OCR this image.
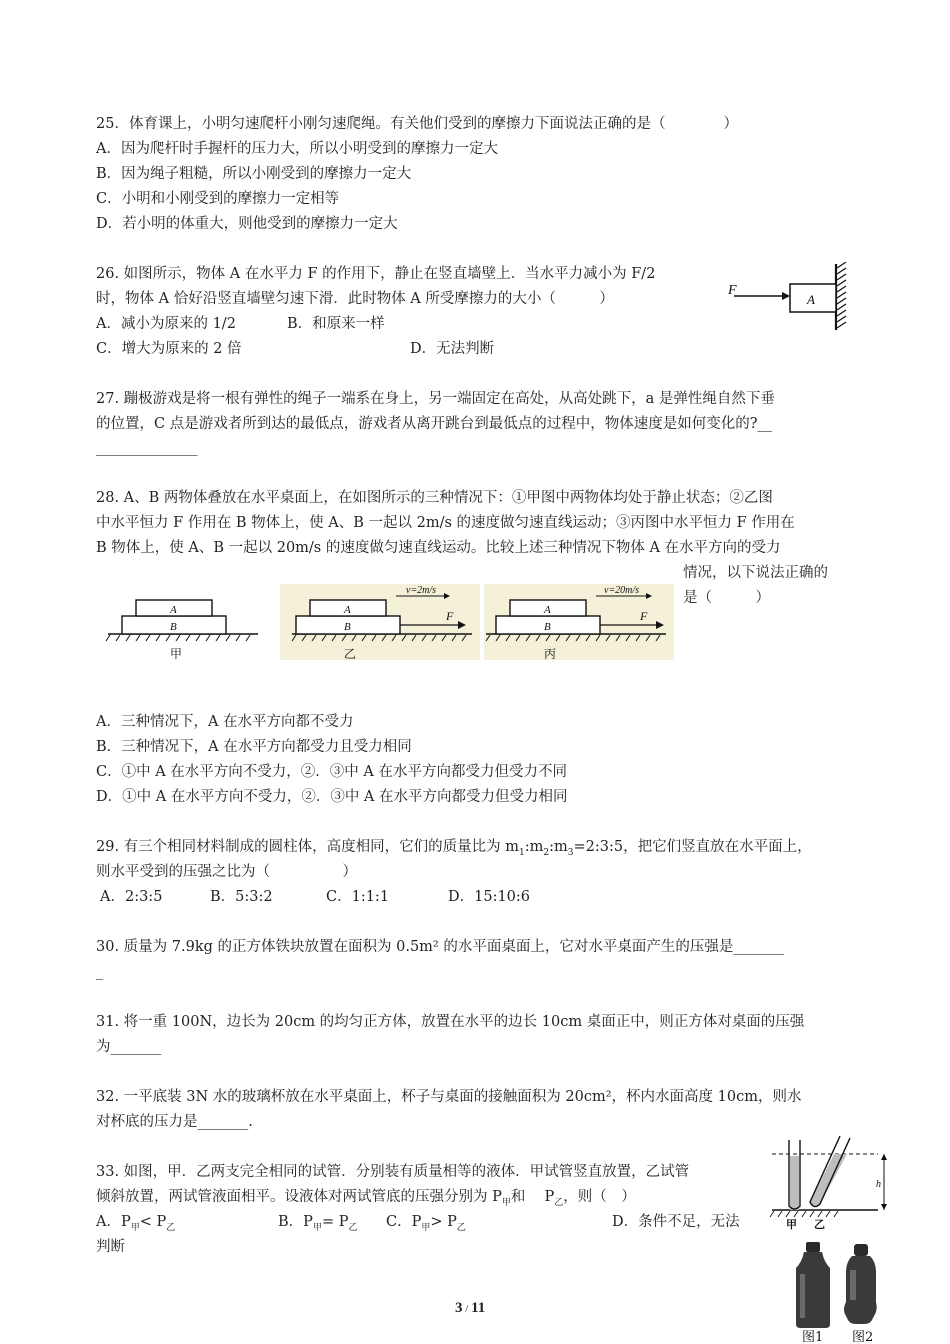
25．体育课上，小明匀速爬杆小刚匀速爬绳。有关他们受到的摩擦力下面说法正确的是（　　　　）
A．因为爬杆时手握杆的压力大，所以小明受到的摩擦力一定大
B．因为绳子粗糙，所以小刚受到的摩擦力一定大
C．小明和小刚受到的摩擦力一定相等
D．若小明的体重大，则他受到的摩擦力一定大
26. 如图所示，物体 A 在水平力 F 的作用下，静止在竖直墙壁上．当水平力减小为 F/2
时，物体 A 恰好沿竖直墙壁匀速下滑．此时物体 A 所受摩擦力的大小（　　　）
A．减小为原来的 1/2	B．和原来一样
C．增大为原来的 2 倍	D．无法判断
F
A
27. 蹦极游戏是将一根有弹性的绳子一端系在身上，另一端固定在高处，从高处跳下，a 是弹性绳自然下垂
的位置，C 点是游戏者所到达的最低点，游戏者从离开跳台到最低点的过程中，物体速度是如何变化的?__
______________
28. A、B 两物体叠放在水平桌面上，在如图所示的三种情况下：①甲图中两物体均处于静止状态；②乙图
中水平恒力 F 作用在 B 物体上，使 A、B 一起以 2m/s 的速度做匀速直线运动；③丙图中水平恒力 F 作用在
B 物体上，使 A、B 一起以 20m/s 的速度做匀速直线运动。比较上述三种情况下物体 A 在水平方向的受力
情况，以下说法正确的
是（　　　）
A
B
甲
A
B
F
v=2m/s
乙
A
B
F
v=20m/s
丙
A．三种情况下，A 在水平方向都不受力
B．三种情况下，A 在水平方向都受力且受力相同
C．①中 A 在水平方向不受力，②．③中 A 在水平方向都受力但受力不同
D．①中 A 在水平方向不受力，②．③中 A 在水平方向都受力但受力相同
29. 有三个相同材料制成的圆柱体，高度相同，它们的质量比为 $m_1:m_2:m_3=2:3:5$，把它们竖直放在水平面上，
则水平受到的压强之比为（　　　　　）
A．2:3:5	B．5:3:2	C．1:1:1	D．15:10:6
30. 质量为 7.9kg 的正方体铁块放置在面积为 0.5m² 的水平面桌面上，它对水平桌面产生的压强是_______
_
31. 将一重 100N，边长为 20cm 的均匀正方体，放置在水平的边长 10cm 桌面正中，则正方体对桌面的压强
为_______
32. 一平底装 3N 水的玻璃杯放在水平桌面上，杯子与桌面的接触面积为 20cm²，杯内水面高度 10cm，则水
对杯底的压力是_______.
33. 如图，甲．乙两支完全相同的试管．分别装有质量相等的液体．甲试管竖直放置，乙试管
倾斜放置，两试管液面相平。设液体对两试管底的压强分别为 $P_甲$和　 $P_乙$，则（　）
A．$P_甲< P_乙$	B．$P_甲= P_乙$ C．$P_甲> P_乙$	D．条件不足，无法
判断
h
甲 乙
图1 图2
3 / 11
